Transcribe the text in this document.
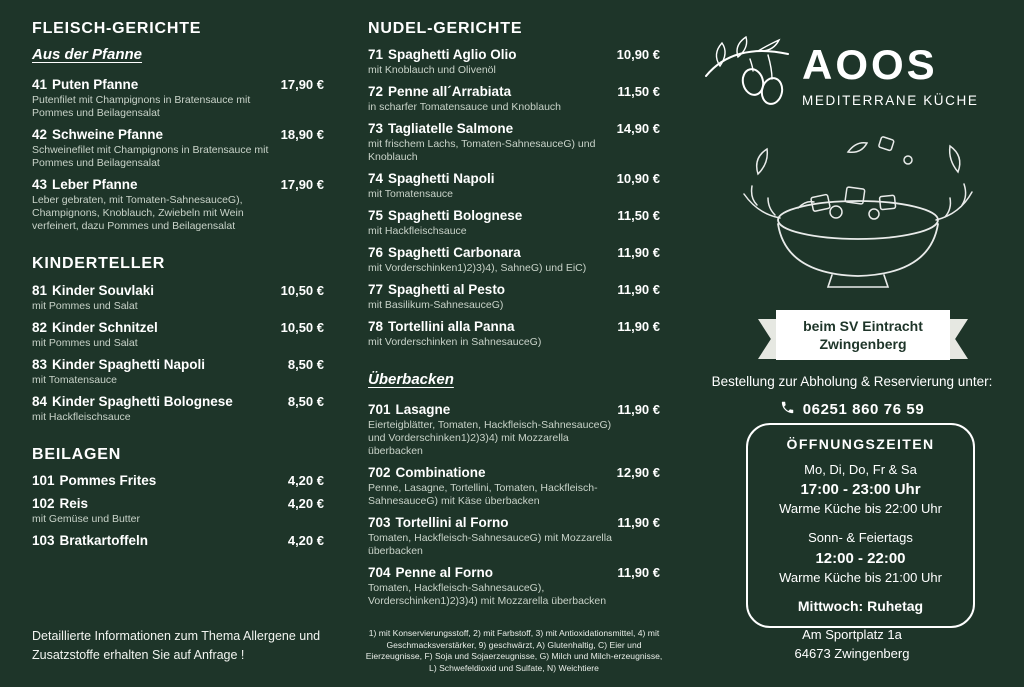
FLEISCH-GERICHTE
Aus der Pfanne
41 Puten Pfanne	17,90 €
Putenfilet mit Champignons in Bratensauce mit Pommes und Beilagensalat
42 Schweine Pfanne	18,90 €
Schweinefilet mit Champignons in Bratensauce mit Pommes und Beilagensalat
43 Leber Pfanne	17,90 €
Leber gebraten, mit Tomaten-SahnesauceG), Champignons, Knoblauch, Zwiebeln mit Wein verfeinert, dazu Pommes und Beilagensalat
KINDERTELLER
81 Kinder Souvlaki	10,50 €
mit Pommes und Salat
82 Kinder Schnitzel	10,50 €
mit Pommes und Salat
83 Kinder Spaghetti Napoli	8,50 €
mit Tomatensauce
84 Kinder Spaghetti Bolognese	8,50 €
mit Hackfleischsauce
BEILAGEN
101 Pommes Frites	4,20 €
102 Reis	4,20 €
mit Gemüse und Butter
103 Bratkartoffeln	4,20 €
NUDEL-GERICHTE
71 Spaghetti Aglio Olio	10,90 €
mit Knoblauch und Olivenöl
72 Penne all´Arrabiata	11,50 €
in scharfer Tomatensauce und Knoblauch
73 Tagliatelle Salmone	14,90 €
mit frischem Lachs, Tomaten-SahnesauceG) und Knoblauch
74 Spaghetti Napoli	10,90 €
mit Tomatensauce
75 Spaghetti Bolognese	11,50 €
mit Hackfleischsauce
76 Spaghetti Carbonara	11,90 €
mit Vorderschinken1)2)3)4), SahneG) und EiC)
77 Spaghetti al Pesto	11,90 €
mit Basilikum-SahnesauceG)
78 Tortellini alla Panna	11,90 €
mit Vorderschinken in SahnesauceG)
Überbacken
701 Lasagne	11,90 €
Eierteigblätter, Tomaten, Hackfleisch-SahnesauceG) und Vorderschinken1)2)3)4) mit Mozzarella überbacken
702 Combinatione	12,90 €
Penne, Lasagne, Tortellini, Tomaten, Hackfleisch-SahnesauceG) mit Käse überbacken
703 Tortellini al Forno	11,90 €
Tomaten, Hackfleisch-SahnesauceG) mit Mozzarella überbacken
704 Penne al Forno	11,90 €
Tomaten, Hackfleisch-SahnesauceG), Vorderschinken1)2)3)4) mit Mozzarella überbacken
AOOS
MEDITERRANE KÜCHE
beim SV Eintracht
Zwingenberg
Bestellung zur Abholung & Reservierung unter:
06251 860 76 59
ÖFFNUNGSZEITEN
Mo, Di, Do, Fr & Sa
17:00 - 23:00 Uhr
Warme Küche bis 22:00 Uhr
Sonn- & Feiertags
12:00 - 22:00
Warme Küche bis 21:00 Uhr
Mittwoch: Ruhetag
Am Sportplatz 1a
64673 Zwingenberg
Detaillierte Informationen zum Thema Allergene und Zusatzstoffe erhalten Sie auf Anfrage !
1) mit Konservierungsstoff, 2) mit Farbstoff, 3) mit Antioxidationsmittel, 4) mit Geschmacksverstärker, 9) geschwärzt, A) Glutenhaltig, C) Eier und Eierzeugnisse, F) Soja und Sojaerzeugnisse, G) Milch und Milch-erzeugnisse, L) Schwefeldioxid und Sulfate, N) Weichtiere
